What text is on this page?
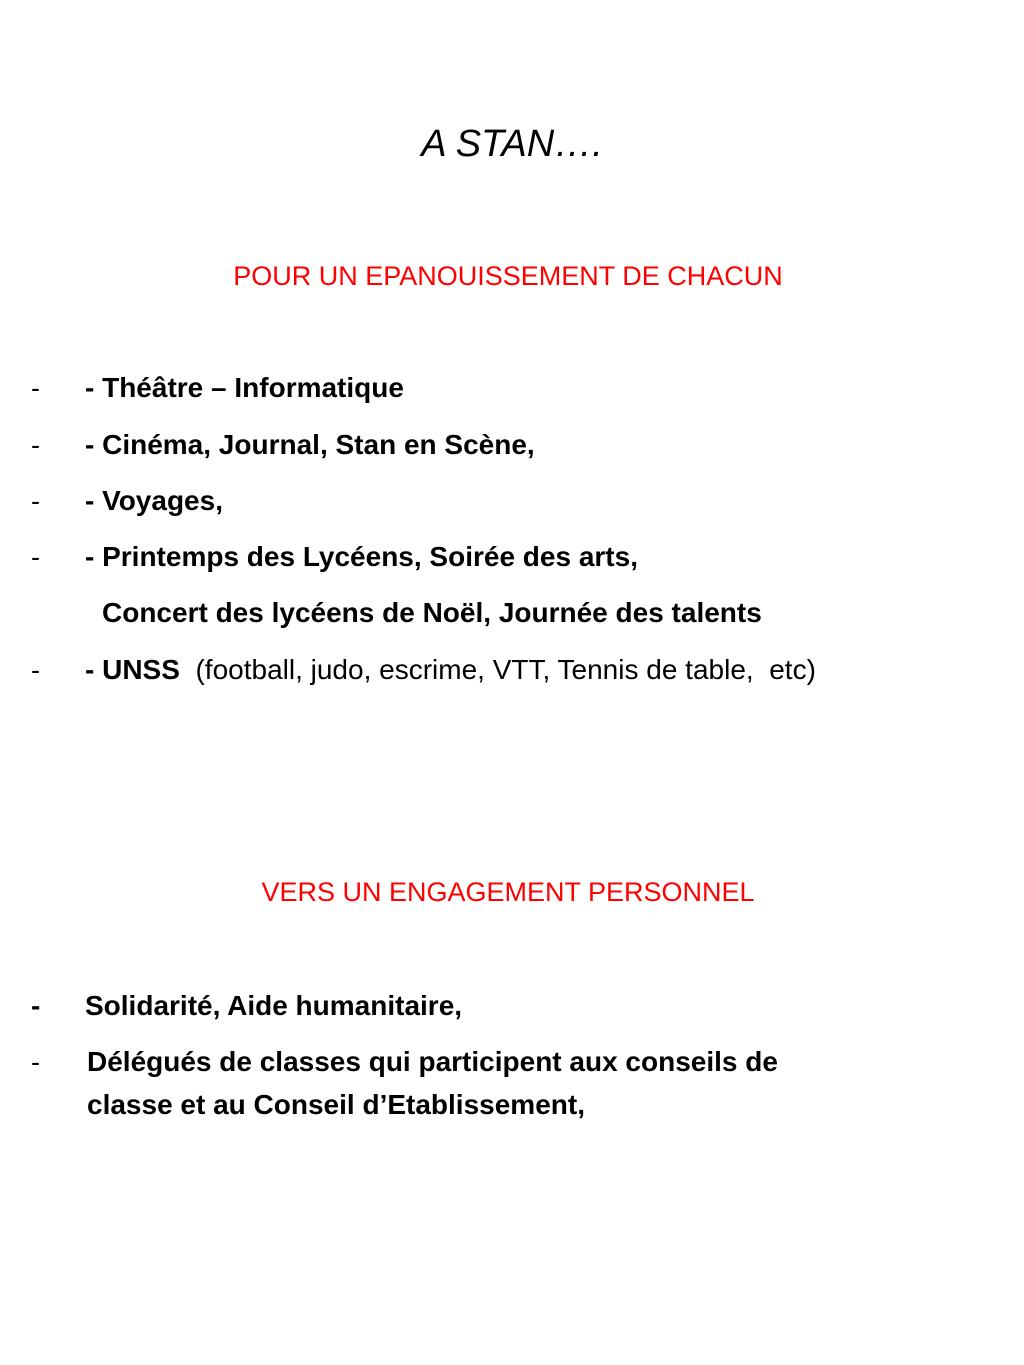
A STAN….
POUR UN EPANOUISSEMENT DE CHACUN
- - Théâtre – Informatique
- - Cinéma, Journal, Stan en Scène,
- - Voyages,
- - Printemps des Lycéens, Soirée des arts,
Concert des lycéens de Noël, Journée des talents
- - UNSS  (football, judo, escrime, VTT, Tennis de table,  etc)
VERS UN ENGAGEMENT PERSONNEL
- Solidarité, Aide humanitaire,
- Délégués de classes qui participent aux conseils de
classe et au Conseil d’Etablissement,
